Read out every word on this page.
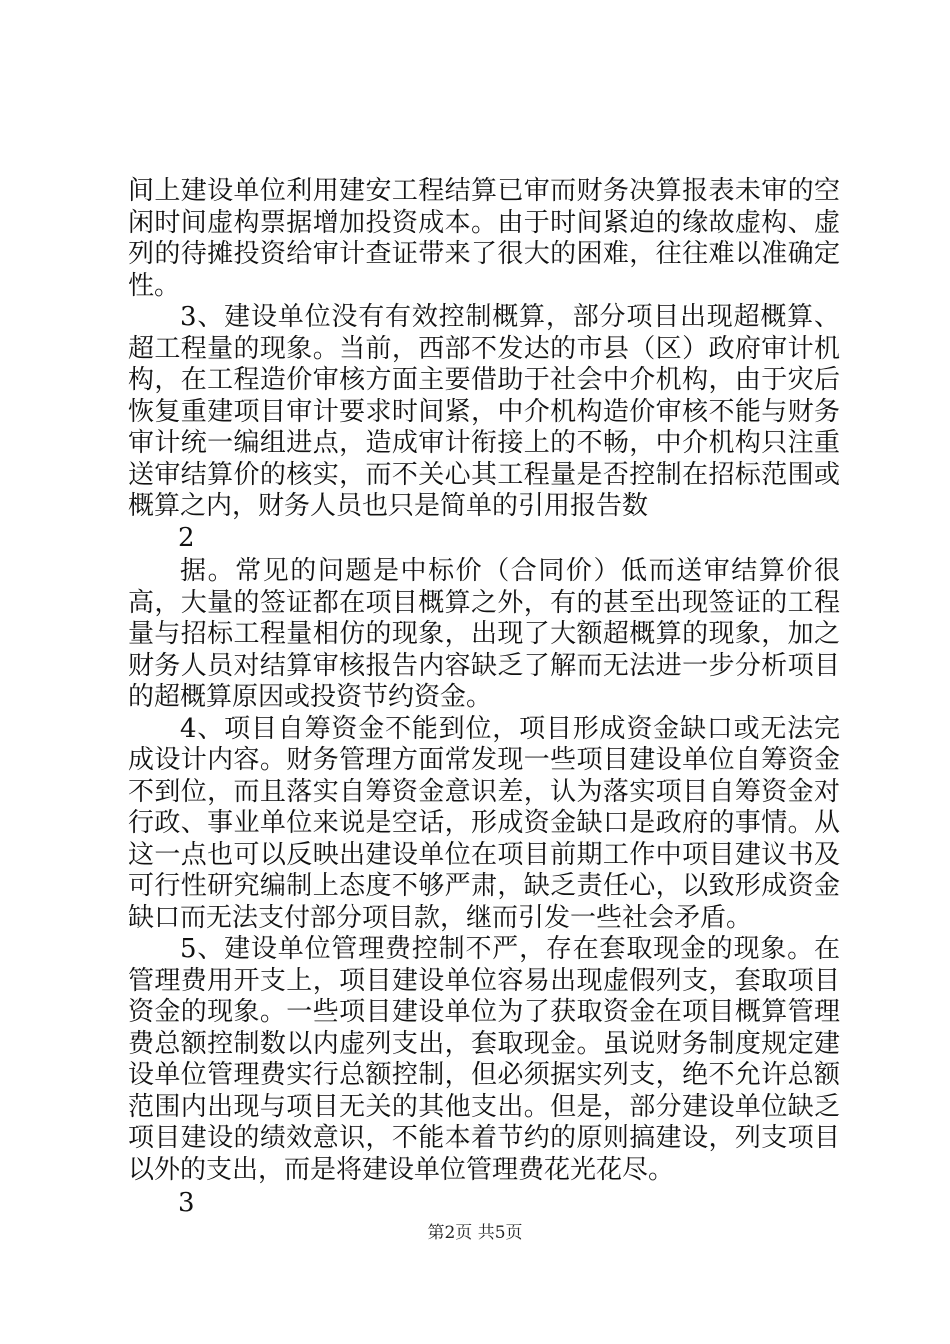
间上建设单位利用建安工程结算已审而财务决算报表未审的空闲时间虚构票据增加投资成本。由于时间紧迫的缘故虚构、虚列的待摊投资给审计查证带来了很大的困难，往往难以准确定性。

3、建设单位没有有效控制概算，部分项目出现超概算、超工程量的现象。当前，西部不发达的市县（区）政府审计机构，在工程造价审核方面主要借助于社会中介机构，由于灾后恢复重建项目审计要求时间紧，中介机构造价审核不能与财务审计统一编组进点，造成审计衔接上的不畅，中介机构只注重送审结算价的核实，而不关心其工程量是否控制在招标范围或概算之内，财务人员也只是简单的引用报告数

2

据。常见的问题是中标价（合同价）低而送审结算价很高，大量的签证都在项目概算之外，有的甚至出现签证的工程量与招标工程量相仿的现象，出现了大额超概算的现象，加之财务人员对结算审核报告内容缺乏了解而无法进一步分析项目的超概算原因或投资节约资金。

4、项目自筹资金不能到位，项目形成资金缺口或无法完成设计内容。财务管理方面常发现一些项目建设单位自筹资金不到位，而且落实自筹资金意识差，认为落实项目自筹资金对行政、事业单位来说是空话，形成资金缺口是政府的事情。从这一点也可以反映出建设单位在项目前期工作中项目建议书及可行性研究编制上态度不够严肃，缺乏责任心，以致形成资金缺口而无法支付部分项目款，继而引发一些社会矛盾。

5、建设单位管理费控制不严，存在套取现金的现象。在管理费用开支上，项目建设单位容易出现虚假列支，套取项目资金的现象。一些项目建设单位为了获取资金在项目概算管理费总额控制数以内虚列支出，套取现金。虽说财务制度规定建设单位管理费实行总额控制，但必须据实列支，绝不允许总额范围内出现与项目无关的其他支出。但是，部分建设单位缺乏项目建设的绩效意识，不能本着节约的原则搞建设，列支项目以外的支出，而是将建设单位管理费花光花尽。

3

第2页 共5页
